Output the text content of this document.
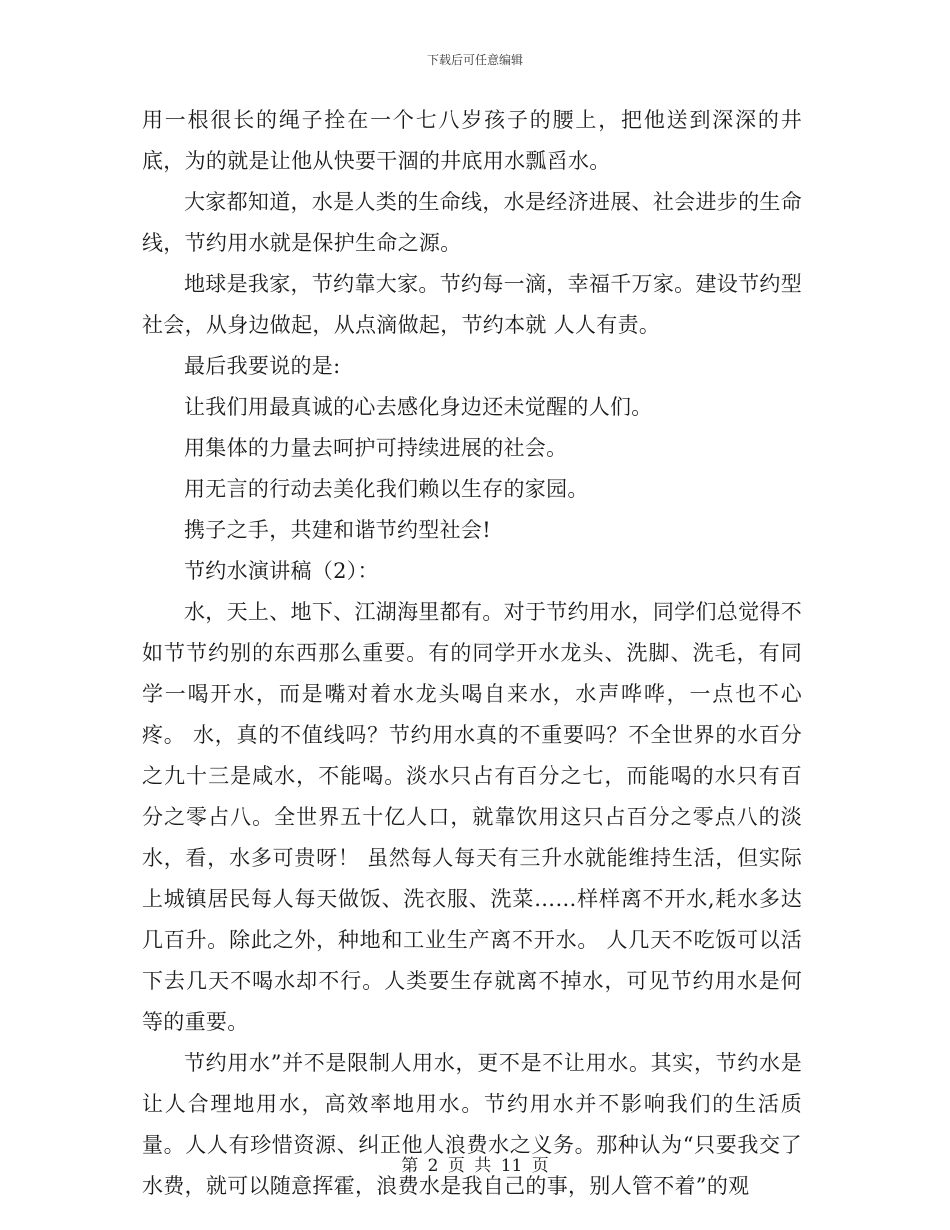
下载后可任意编辑

用一根很长的绳子拴在一个七八岁孩子的腰上，把他送到深深的井底，为的就是让他从快要干涸的井底用水瓢舀水。

大家都知道，水是人类的生命线，水是经济进展、社会进步的生命线，节约用水就是保护生命之源。

地球是我家，节约靠大家。节约每一滴，幸福千万家。建设节约型社会，从身边做起，从点滴做起，节约本就 人人有责。

最后我要说的是:

让我们用最真诚的心去感化身边还未觉醒的人们。

用集体的力量去呵护可持续进展的社会。

用无言的行动去美化我们赖以生存的家园。

携子之手，共建和谐节约型社会!

节约水演讲稿（2）：

水，天上、地下、江湖海里都有。对于节约用水，同学们总觉得不如节节约别的东西那么重要。有的同学开水龙头、洗脚、洗毛，有同学一喝开水，而是嘴对着水龙头喝自来水，水声哗哗，一点也不心疼。 水，真的不值线吗？节约用水真的不重要吗？不全世界的水百分之九十三是咸水，不能喝。淡水只占有百分之七，而能喝的水只有百分之零占八。全世界五十亿人口，就靠饮用这只占百分之零点八的淡水，看，水多可贵呀！ 虽然每人每天有三升水就能维持生活，但实际上城镇居民每人每天做饭、洗衣服、洗菜……样样离不开水,耗水多达几百升。除此之外，种地和工业生产离不开水。 人几天不吃饭可以活下去几天不喝水却不行。人类要生存就离不掉水，可见节约用水是何等的重要。

节约用水”并不是限制人用水，更不是不让用水。其实，节约水是让人合理地用水，高效率地用水。节约用水并不影响我们的生活质量。人人有珍惜资源、纠正他人浪费水之义务。那种认为“只要我交了水费，就可以随意挥霍，浪费水是我自己的事，别人管不着”的观

第 2 页 共 11 页
